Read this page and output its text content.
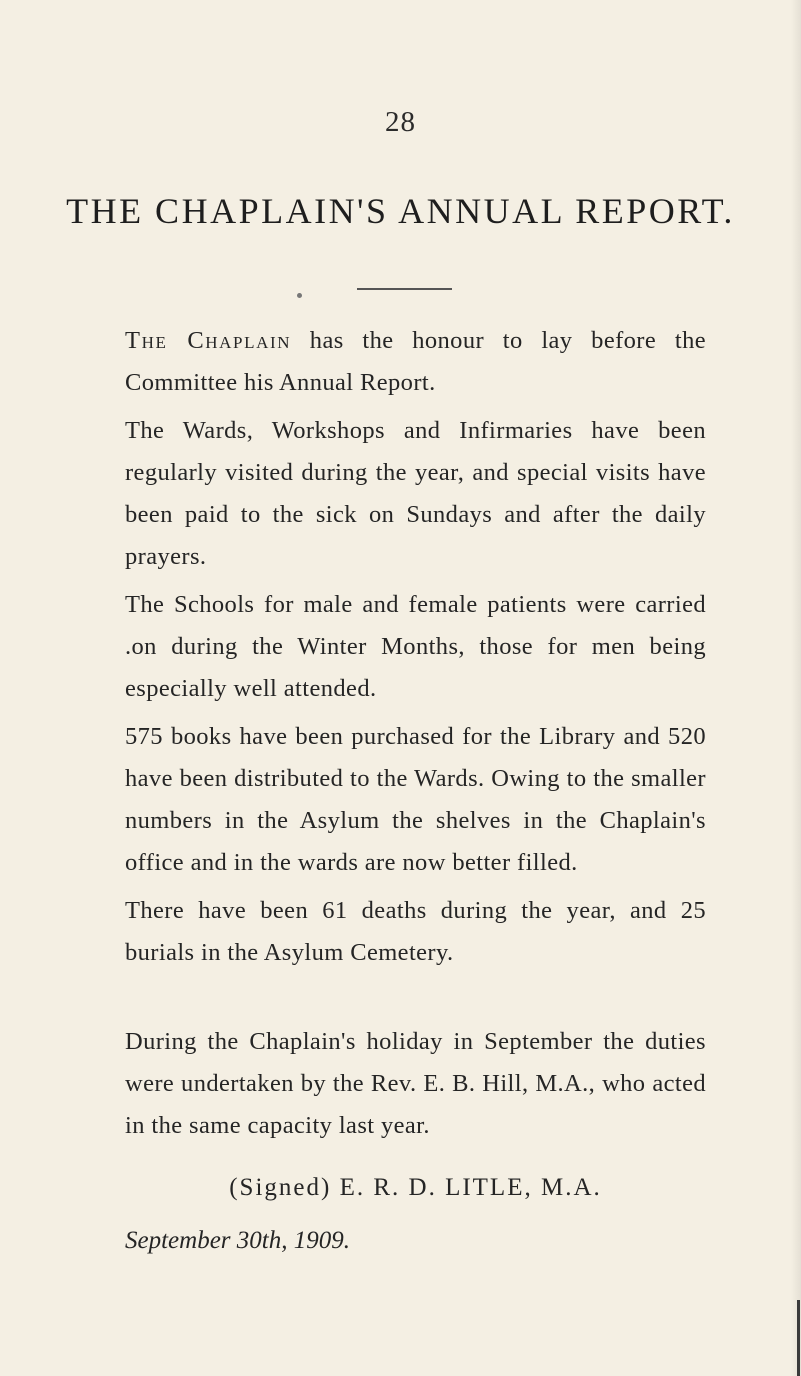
28
THE CHAPLAIN'S ANNUAL REPORT.

The Chaplain has the honour to lay before the Committee his Annual Report.

The Wards, Workshops and Infirmaries have been regularly visited during the year, and special visits have been paid to the sick on Sundays and after the daily prayers.

The Schools for male and female patients were carried .on during the Winter Months, those for men being especially well attended.

575 books have been purchased for the Library and 520 have been distributed to the Wards. Owing to the smaller numbers in the Asylum the shelves in the Chaplain's office and in the wards are now better filled.

There have been 61 deaths during the year, and 25 burials in the Asylum Cemetery.

During the Chaplain's holiday in September the duties were undertaken by the Rev. E. B. Hill, M.A., who acted in the same capacity last year.

(Signed) E. R. D. LITLE, M.A.
September 30th, 1909.
